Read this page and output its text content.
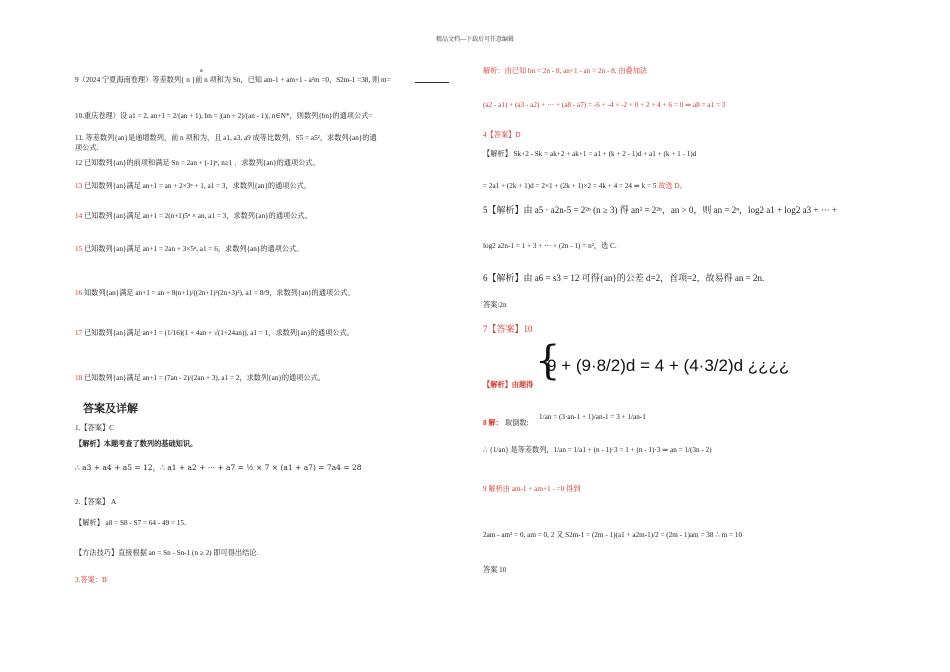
精品文档---下载后可任意编辑
a
9（2024 宁夏海南卷理）等差数列{ n }前 n 项和为 Sn，已知 am-1 + am+1 - a²m =0，S2m-1 =38, 则 m=
10.重庆卷理）设 a1 = 2, an+1 = 2/(an + 1), bn = |(an + 2)/(an - 1)|, n∈N*，则数列{bn}的通项公式=
11. 等差数列{an}是递增数列，前 n 项和为，且 a1, a3, a9 成等比数列，S5 = a5²，求数列{an}的通
项公式.
12 已知数列{an}的前项和满足 Sn = 2an + (-1)ⁿ, n≥1 ．求数列{an}的通项公式。
13 已知数列{an}满足 an+1 = an + 2×3ⁿ + 1, a1 = 3，求数列{an}的通项公式。
14 已知数列{an}满足 an+1 = 2(n+1)5ⁿ × an, a1 = 3，求数列{an}的通项公式。
15 已知数列{an}满足 an+1 = 2an + 3×5ⁿ, a1 = 6，求数列{an}的通项公式。
16 知数列{an}满足 an+1 = an + 8(n+1)/((2n+1)²(2n+3)²), a1 = 8/9，求数列{an}的通项公式。
17 已知数列{an}满足 an+1 = (1/16)(1 + 4an + √(1+24an)), a1 = 1，求数列{an}的通项公式。
18 已知数列{an}满足 an+1 = (7an - 2)/(2an + 3), a1 = 2，求数列{an}的通项公式。
答案及详解
1.【答案】C
【解析】本题考查了数列的基础知识。
∴ a3 + a4 + a5 = 12，∴ a1 + a2 + ··· + a7 = ½ × 7 × (a1 + a7) = 7a4 = 28
2.【答案】 A
【解析】 a8 = S8 - S7 = 64 - 49 = 15.
【方法技巧】直接根据 an = Sn - Sn-1 (n ≥ 2) 即可得出结论.
3.答案：B
解析：由已知 bn = 2n - 8, an+1 - an = 2n - 8, 由叠加法
(a2 - a1) + (a3 - a2) + ··· + (a8 - a7) = -6 + -4 + -2 + 0 + 2 + 4 + 6 = 0 ⇒ a8 = a1 = 3
4【答案】D
【解析】 Sk+2 - Sk = ak+2 + ak+1 = a1 + (k + 2 - 1)d + a1 + (k + 1 - 1)d
= 2a1 + (2k + 1)d = 2×1 + (2k + 1)×2 = 4k + 4 = 24 ⇒ k = 5 故选 D。
5【解析】由 a5 · a2n-5 = 2²ⁿ (n ≥ 3) 得 an² = 2²ⁿ，an > 0，则 an = 2ⁿ，log2 a1 + log2 a3 + ··· +
log2 a2n-1 = 1 + 3 + ··· + (2n - 1) = n²，选 C.
6【解析】由 a6 = s3 = 12 可得{an}的公差 d=2，首项=2，故易得 an = 2n.
答案:2n
7【答案】10
{
9 + (9·8/2)d = 4 + (4·3/2)d ¿¿¿¿
【解析】由题得
8 解： 取倒数:
1/an = (3·an-1 + 1)/an-1 = 3 + 1/an-1
∴ {1/an} 是等差数列，1/an = 1/a1 + (n - 1)·3 = 1 + (n - 1)·3 ⇒ an = 1/(3n - 2)
9 解析由 am-1 + am+1 - =0 得到
2am - am² = 0, am = 0, 2 又 S2m-1 = (2m - 1)(a1 + a2m-1)/2 = (2m - 1)am = 38 ∴ m = 10
答案 10
